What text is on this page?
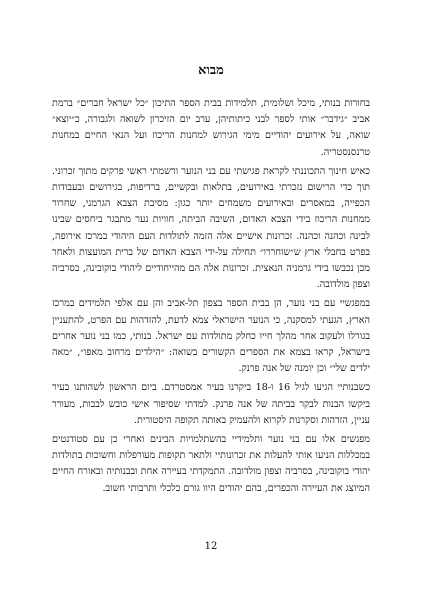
מבוא

בחורות בנותי, מיכל ושלומית, תלמידות בבית הספר התיכון ״כל ישראל חברים״ ברמת אביב ״גידבר״ אותי לספר לבני כיתותיהן, ערב יום הזיכרון לשואה ולגבורה, כ״יוצא״ שואה, על אירועים יהודיים מימי הגירוש למחנות הריכוז ועל הנאי החיים במחנות טרנסנסטריה.

כאיש חינוך התכוננתי לקראת פגישתי עם בני הנוער ורשמתי ראשי פרקים מתוך זכרוני. תוך כדי הרישום נזכרתי באירועים, בתלאות ובקשיים, ברדיפות, בגירושים ובעבודות הכפייה, במאסרים ובאירועים משמחים יותר כגון: מסיבת הצבא הגרמני, שחרור ממחנות הריכוז בידי הצבא האדום, השיבה הביתה, חוויות נער מתבגר ביחסים שבינו לבינה וכהנה וכהנה. זכרונות אישיים אלה הזמה לתולדות העם היהודי במרכז אירופה, בפרט בחבלי ארץ ש״שוחררו״ תחילה על-ידי הצבא האדום של ברית המועצות ולאחר מכן נכבשו בידי גרמניה הנאצית. זכרונות אלה הם מהייחודיים ליהודי בוקובינה, בסרביה וצפון מולדובה.

במפגשיי עם בני נוער, הן בבית הספר בצפון תל-אביב והן עם אלפי תלמידים במרכז הארץ, הגעתי למסקנה, כי הנוער הישראלי צמא לדעת, להזדהות עם הפרט, להתעניין בגורלו ולעקוב אחר מהלך חייו כחלק מתולדות עם ישראל. בנותי, כמו בני נוער אחרים בישראל, קראו בצמא את הספרים הקשורים בשואה: ״הילדים מרחוב מאפו״, ״מאה ילדים שלי״ וכן יומנה של אנה פרנק.

כשבנותיי הגיעו לגיל 16 ו-18 ביקרנו בעיר אמסטרדם. ביום הראשון לשהותנו בעיר ביקשו הבנות לבקר בביתה של אנה פרנק. למדתי שסיפור אישי כובש לבבות, מעורר עניין, הזדהות וסקרנות לקרוא ולהעמיק באותה תקופה היסטורית.

מפגשים אלו עם בני נוער ותלמידיי בהשתלמויות הבינים ואחרי כן עם סטודנטים במכללות הניעו אותי להעלות את זכרונותיי ולתאר תקופות מעורפלות וחשוכות בתולדות יהודי בוקובינה, בסרביה וצפון מולדובה. התמקדתי בעיירה אחת ובבנותיה ובאורח החיים המיוצג את העיירה והכפרים, בהם יהודים היוו גורם כלכלי ותרבותי חשוב.

12
